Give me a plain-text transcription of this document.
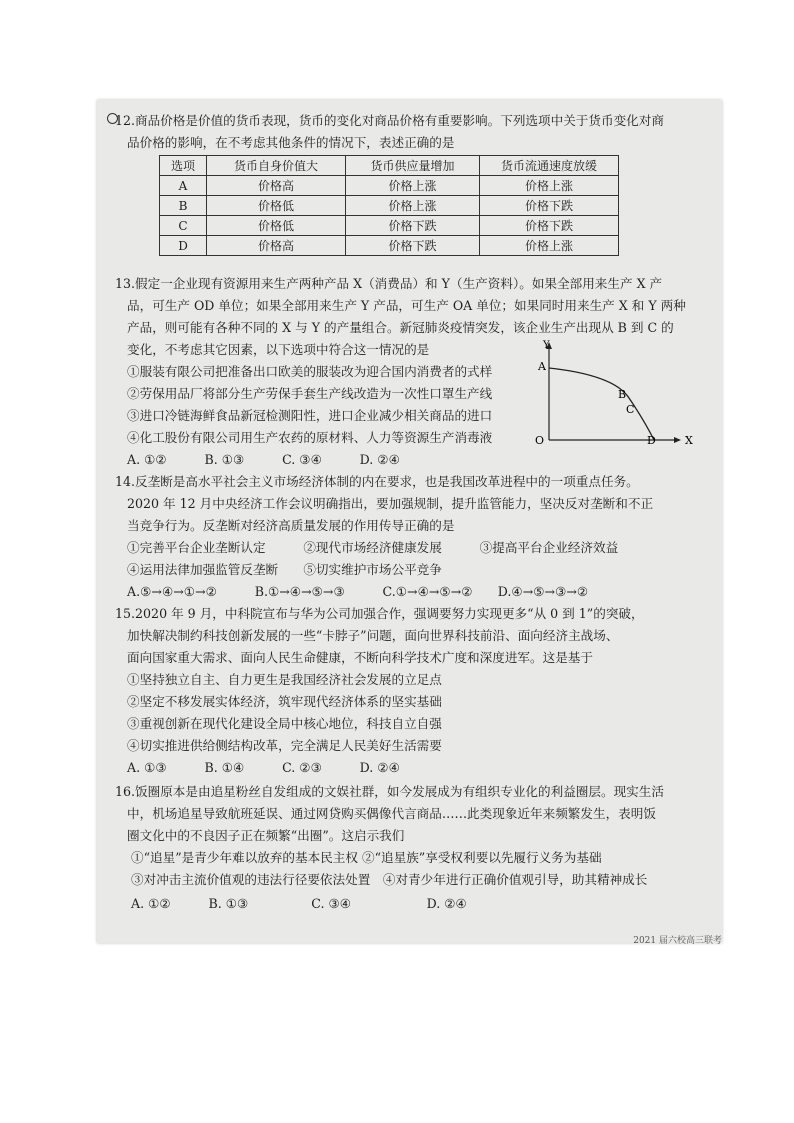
12.商品价格是价值的货币表现，货币的变化对商品价格有重要影响。下列选项中关于货币变化对商
品价格的影响，在不考虑其他条件的情况下，表述正确的是
选项	货币自身价值大	货币供应量增加	货币流通速度放缓
A	价格高	价格上涨	价格上涨
B	价格低	价格上涨	价格下跌
C	价格低	价格下跌	价格下跌
D	价格高	价格下跌	价格上涨
13.假定一企业现有资源用来生产两种产品 X（消费品）和 Y（生产资料）。如果全部用来生产 X 产
品，可生产 OD 单位；如果全部用来生产 Y 产品，可生产 OA 单位；如果同时用来生产 X 和 Y 两种
产品，则可能有各种不同的 X 与 Y 的产量组合。新冠肺炎疫情突发，该企业生产出现从 B 到 C 的
变化，不考虑其它因素，以下选项中符合这一情况的是
①服装有限公司把准备出口欧美的服装改为迎合国内消费者的式样
②劳保用品厂将部分生产劳保手套生产线改造为一次性口罩生产线
③进口冷链海鲜食品新冠检测阳性，进口企业减少相关商品的进口
④化工股份有限公司用生产农药的原材料、人力等资源生产消毒液
A. ①②　　　B. ①③　　　C. ③④　　　D. ②④
Y
X
O
A
B
C
D
14.反垄断是高水平社会主义市场经济体制的内在要求，也是我国改革进程中的一项重点任务。
2020 年 12 月中央经济工作会议明确指出，要加强规制，提升监管能力，坚决反对垄断和不正
当竞争行为。反垄断对经济高质量发展的作用传导正确的是
①完善平台企业垄断认定　　　②现代市场经济健康发展　　　③提高平台企业经济效益
④运用法律加强监管反垄断　　⑤切实维护市场公平竞争
A.⑤→④→①→②　　　B.①→④→⑤→③　　　C.①→④→⑤→②　　D.④→⑤→③→②
15.2020 年 9 月，中科院宣布与华为公司加强合作，强调要努力实现更多“从 0 到 1”的突破，
加快解决制约科技创新发展的一些“卡脖子”问题，面向世界科技前沿、面向经济主战场、
面向国家重大需求、面向人民生命健康，不断向科学技术广度和深度进军。这是基于
①坚持独立自主、自力更生是我国经济社会发展的立足点
②坚定不移发展实体经济，筑牢现代经济体系的坚实基础
③重视创新在现代化建设全局中核心地位，科技自立自强
④切实推进供给侧结构改革，完全满足人民美好生活需要
A. ①③　　　B. ①④　　　C. ②③　　　D. ②④
16.饭圈原本是由追星粉丝自发组成的文娱社群，如今发展成为有组织专业化的利益圈层。现实生活
中，机场追星导致航班延误、通过网贷购买偶像代言商品……此类现象近年来频繁发生，表明饭
圈文化中的不良因子正在频繁“出圈”。这启示我们
①“追星”是青少年难以放弃的基本民主权 ②“追星族”享受权利要以先履行义务为基础
③对冲击主流价值观的违法行径要依法处置　④对青少年进行正确价值观引导，助其精神成长
A. ①②　　　B. ①③　　　　　C. ③④　　　　　　D. ②④
2021 届六校高三联考
